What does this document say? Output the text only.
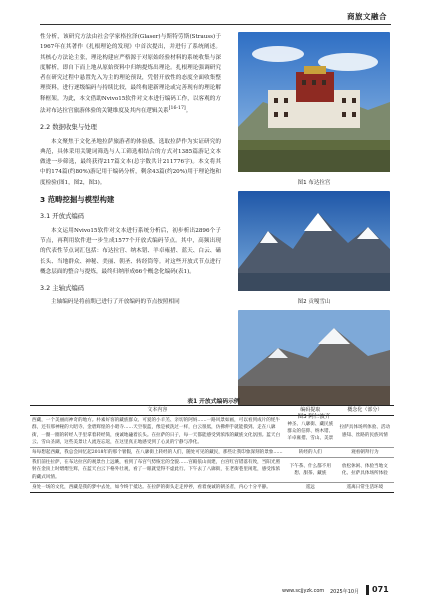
商旅文融合

性分析，该研究方法由社会学家格拉泽(Glaser)与斯特劳斯(Strauss)于1967年在其著作《扎根理论的发现》中首次提出，并进行了系统阐述。其核心方法论主张，理论构建应严格源于对原始经验材料的系统收集与深度解析，即自下而上地从原始资料中归纳提炼出理论。扎根理论强调研究者在研究过程中悬置先入为主的理论预设，凭借开放性的态度全面收集整理资料，进行逐级编码与持续比较，最终构建新理论或完善现有的理论解释框架。为此，本文借助Nvivo15软件对文本进行编码工作，以客观的方法对布达拉宫旅游体验的关键维度及其内在逻辑关系[16-17]。

2.2 数据收集与处理

本文聚焦于文化圣地拉萨旅游者的体验感，选取拉萨作为实证研究的典范，具体采用关键词筛选与人工筛选相结合的方式对1385篇游记文本做进一步筛选，最终获得217篇文本(总字数共计211776字)。本文将其中的174篇(约80%)游记用于编码分析，剩余43篇(约20%)用于理论饱和度检验(图1，图2，图3)。

3 范畴挖掘与模型构建
3.1 开放式编码

本文运用Nvivo15软件对文本进行系统分析后，初步析出2896个子节点，再利用软件进一步生成1577个开放式编码节点。其中，高频出现的代表性节点词汇包括：布达拉宫、纳木错、羊卓雍措、蓝天、白云、磕长头、当地群众、神秘、美丽、朝圣、转经筒等。对这些开放式节点进行概念层面的整合与提炼，最终归纳形成66个概念化编码(表1)。

3.2 主轴式编码

主轴编码是将前期已进行了开放编码的节点按照相同

图1 布达拉宫
图2 贡嘎雪山
图3 阿仁波齐
表1 开放式编码示例
文本内容	编码提取	概念化（部分）
西藏，一个美丽而神奇的地方。朴素好客的藏族群众、可爱的小羊羔、亲切的阿妈……一路风景如画，可以看到成片的牦牛群，还有那神秘的大昭寺、金碧辉煌的小昭寺……天空很蓝，像是被洗过一样，白云很低，仿佛伸手就能摸到。走在八廓街，一圈一圈的转经人手里拿着转经筒，虔诚地磕着长头。在拉萨的日子，每一天都能感受到浓浓的藏族文化氛围。蓝天白云、雪山圣湖，这些美景让人流连忘返，在这里真正地感受到了心灵的宁静与净化。	神圣、八廓街、藏民族群众的信仰、纳木错、羊卓雍措、雪山、美景	拉萨具体场所体验、活动感知、丝路的民族风情
每每想起西藏，我总会回忆起2018年的那个暑假，在八廓街上转经的人们，随处可见的藏民，那些让我印象深刻的景象……	转经的人们	观看朝拜行为
我们前往拉萨，在布达拉宫的观景台上远眺，看到了布宫气势恢宏的全貌……宫殿依山而建，白宫红宫错落有致，当阳光照射在金顶上时熠熠生辉，在蓝天白云下格外壮观，看了一眼就觉得不虚此行。下午去了八廓街，在老街巷里闲逛，感受浓浓的藏式风情。	下午茶、什么都不用想、甜茶、藏族	放松休闲、体验当地文化、拉萨具体场所体验
身处一场的文化，西藏是我的梦中去处，如今终于抵达。在拉萨的街头走走停停，看着虔诚的朝圣者，内心十分平静。	遥远	遥离日常生活环境
www.scjjyzk.com 2025年10月 071
